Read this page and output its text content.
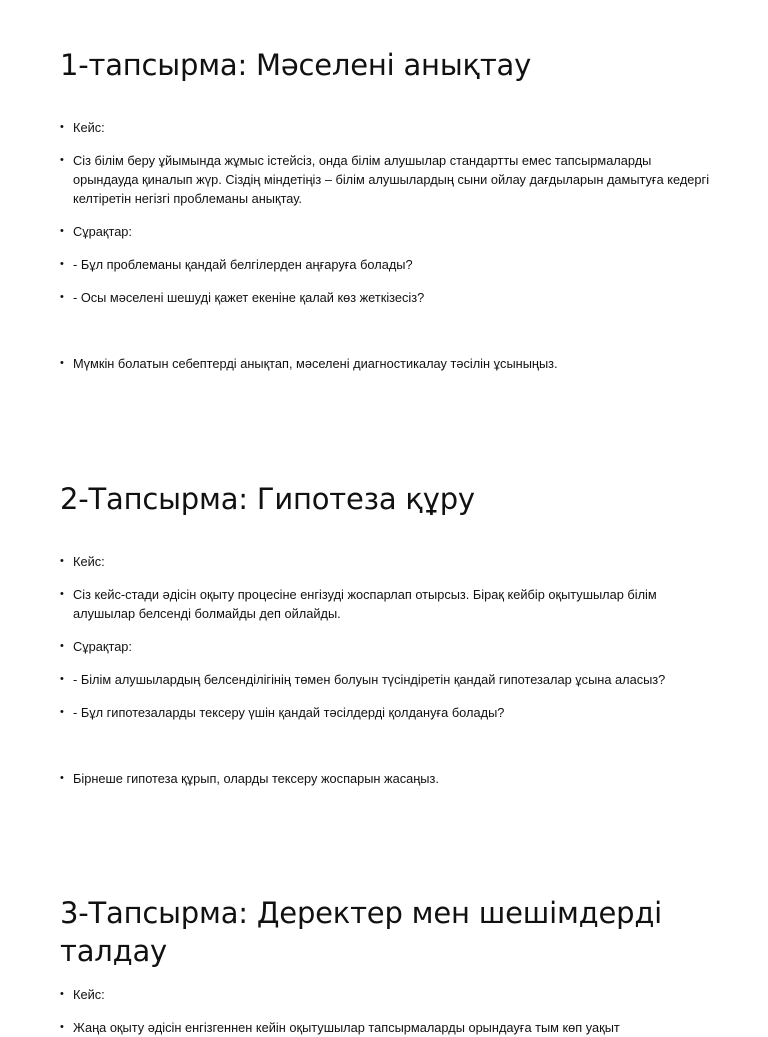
1-тапсырма: Мәселені анықтау
• Кейс:
• Сіз білім беру ұйымында жұмыс істейсіз, онда білім алушылар стандартты емес тапсырмаларды орындауда қиналып жүр. Сіздің міндетіңіз – білім алушылардың сыни ойлау дағдыларын дамытуға кедергі келтіретін негізгі проблеманы анықтау.
• Сұрақтар:
• - Бұл проблеманы қандай белгілерден аңғаруға болады?
• - Осы мәселені шешуді қажет екеніне қалай көз жеткізесіз?
• Мүмкін болатын себептерді анықтап, мәселені диагностикалау тәсілін ұсыныңыз.
2-Тапсырма: Гипотеза құру
• Кейс:
• Сіз кейс-стади әдісін оқыту процесіне енгізуді жоспарлап отырсыз. Бірақ кейбір оқытушылар білім алушылар белсенді болмайды деп ойлайды.
• Сұрақтар:
• - Білім алушылардың белсенділігінің төмен болуын түсіндіретін қандай гипотезалар ұсына аласыз?
• - Бұл гипотезаларды тексеру үшін қандай тәсілдерді қолдануға болады?
• Бірнеше гипотеза құрып, оларды тексеру жоспарын жасаңыз.
3-Тапсырма: Деректер мен шешімдерді талдау
• Кейс:
• Жаңа оқыту әдісін енгізгеннен кейін оқытушылар тапсырмаларды орындауға тым көп уақыт
